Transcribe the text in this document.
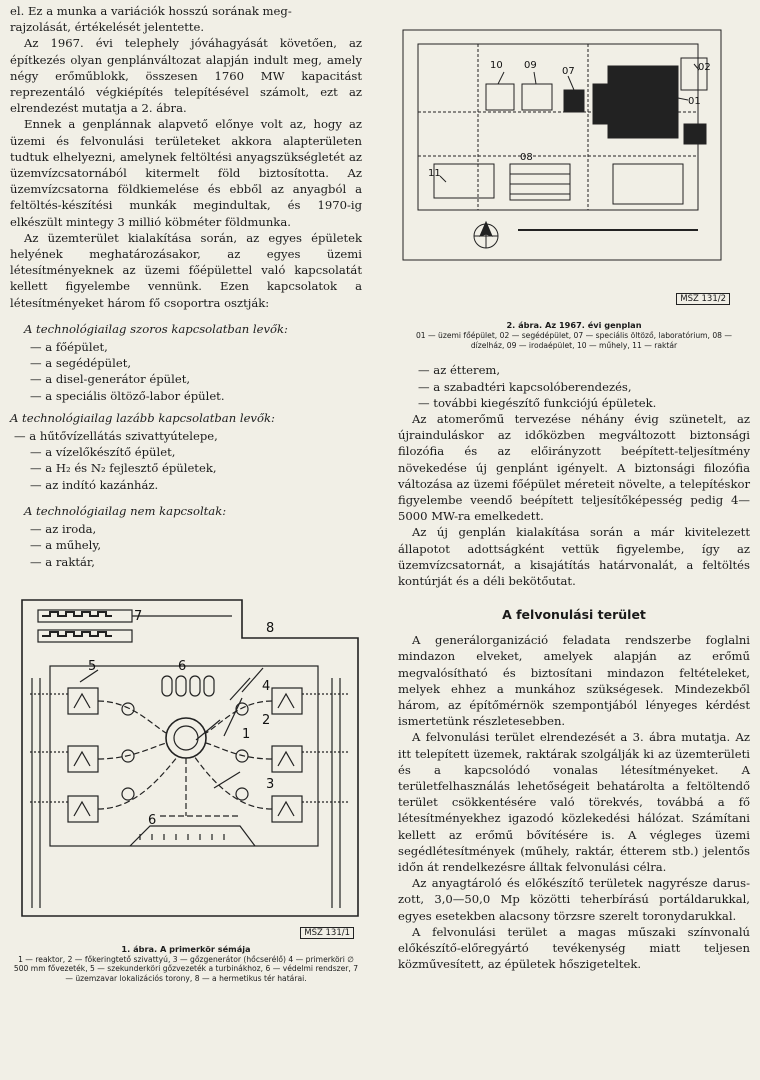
el. Ez a munka a variációk hosszú sorának meg-
rajzolását, értékelését jelentette.

Az 1967. évi telephely jóváhagyását követően, az építkezés olyan genplánváltozat alapján indult meg, amely négy erőműblokk, összesen 1760 MW kapacitást reprezentáló végkiépítés telepítésével számolt, ezt az elrendezést mutatja a 2. ábra.

Ennek a genplánnak alapvető előnye volt az, hogy az üzemi és felvonulási területeket akkora alapterületen tudtuk elhelyezni, amelynek feltöltési anyagszükségletét az üzemvízcsatornából kitermelt föld biztosította. Az üzemvízcsatorna földkiemelése és ebből az anyagból a feltöltés-készítési munkák megindultak, és 1970-ig elkészült mintegy 3 millió köbméter földmunka.

Az üzemterület kialakítása során, az egyes épületek helyének meghatározásakor, az egyes üzemi létesítményeknek az üzemi főépülettel való kapcsolatát kellett figyelembe vennünk. Ezen kapcsolatok a létesítményeket három fő csoportra osztják:

A technológiailag szoros kapcsolatban levők:
— a főépület,
— a segédépület,
— a disel-generátor épület,
— a speciális öltöző-labor épület.
A technológiailag lazább kapcsolatban levők:
— a hűtővízellátás szivattyútelepe,
— a vízelőkészítő épület,
— a H₂ és N₂ fejlesztő épületek,
— az indító kazánház.
A technológiailag nem kapcsoltak:
— az iroda,
— a műhely,
— a raktár,
7
8
6
5
4
2
1
3
6
MSZ 131/1
1. ábra. A primerkör sémája
1 — reaktor, 2 — főkeringtető szivattyú, 3 — gőzgenerátor (hőcserélő) 4 — primerköri ∅ 500 mm fővezeték, 5 — szekunderköri gőzvezeték a turbinákhoz, 6 — védelmi rendszer, 7 — üzemzavar lokalizációs torony, 8 — a hermetikus tér határai.
02
10 09
07
01
11
08
MSZ 131/2
2. ábra. Az 1967. évi genplan
01 — üzemi főépület, 02 — segédépület, 07 — speciális öltöző, laboratórium, 08 — dízelház, 09 — irodaépület, 10 — műhely, 11 — raktár
— az étterem,
— a szabadtéri kapcsolóberendezés,
— további kiegészítő funkciójú épületek.

Az atomerőmű tervezése néhány évig szünetelt, az újrainduláskor az időközben megváltozott biztonsági filozófia és az előirányzott beépített-teljesítmény növekedése új genplánt igényelt. A biztonsági filozófia változása az üzemi főépület méreteit növelte, a telepítéskor figyelembe veendő beépített teljesítőképesség pedig 4—5000 MW-ra emelkedett.

Az új genplán kialakítása során a már kivitelezett állapotot adottságként vettük figyelembe, így az üzemvízcsatornát, a kisajátítás határvonalát, a feltöltés kontúrját és a déli bekötőutat.

A felvonulási terület

A generálorganizáció feladata rendszerbe foglalni mindazon elveket, amelyek alapján az erőmű megvalósítható és biztosítani mindazon feltételeket, melyek ehhez a munkához szükségesek. Mindezekből három, az építőmérnök szempontjából lényeges kérdést ismertetünk részletesebben.

A felvonulási terület elrendezését a 3. ábra mutatja. Az itt telepített üzemek, raktárak szolgálják ki az üzemterületi és a kapcsolódó vonalas létesítményeket. A területfelhasználás lehetőségeit behatárolta a feltöltendő terület csökkentésére való törekvés, továbbá a fő létesítményekhez igazodó közlekedési hálózat. Számítani kellett az erőmű bővítésére is. A végleges üzemi segédlétesítmények (műhely, raktár, étterem stb.) jelentős időn át rendelkezésre álltak felvonulási célra.

Az anyagtároló és előkészítő területek nagyrésze daruszott, 3,0—50,0 Mp közötti teherbírású portáldarukkal, egyes esetekben alacsony törzsre szerelt toronydarukkal.

A felvonulási terület a magas műszaki színvonalú előkészítő-előregyártó tevékenység miatt teljesen közművesített, az épületek hőszigeteltek.
